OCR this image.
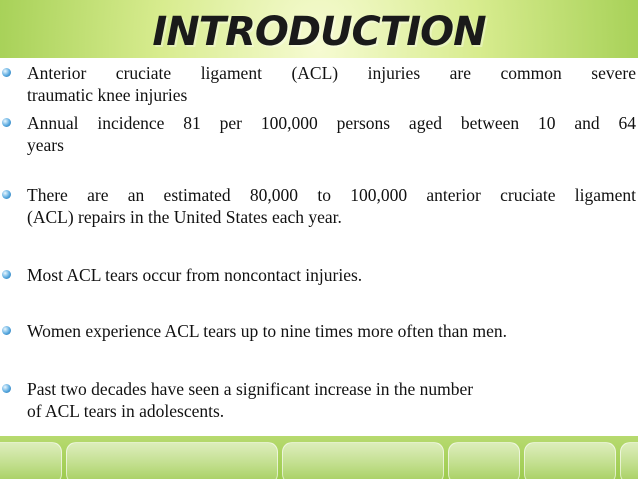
INTRODUCTION
Anterior cruciate ligament (ACL) injuries are common severe
traumatic knee injuries
Annual incidence 81 per 100,000 persons aged between 10 and 64
years
There are an estimated 80,000 to 100,000 anterior cruciate ligament
(ACL) repairs in the United States each year.
Most ACL tears occur from noncontact injuries.
Women experience ACL tears up to nine times more often than men.
Past two decades have seen a significant increase in the number
of ACL tears in adolescents.
